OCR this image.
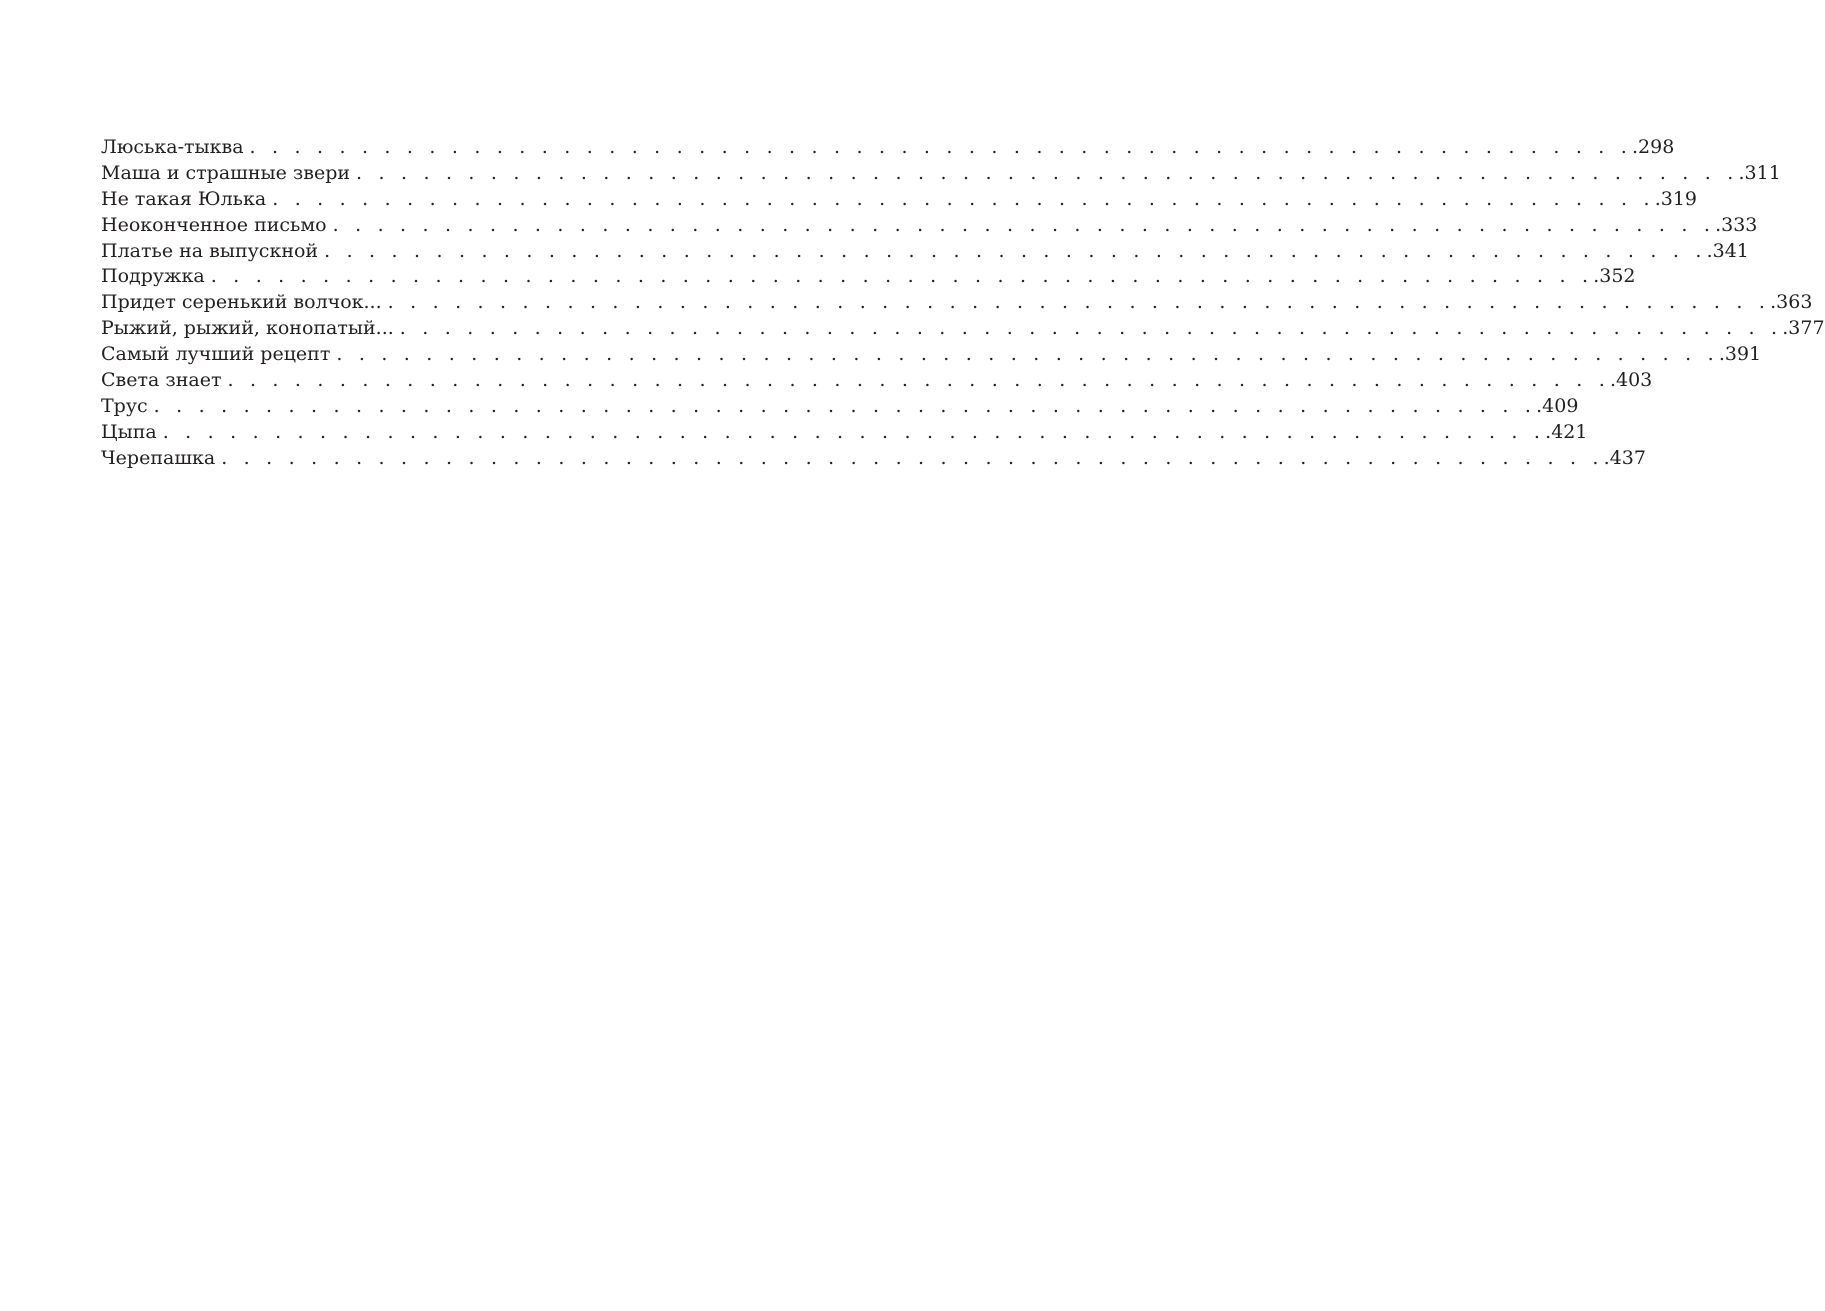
Люська-тыква . . . . . . . . . . . . . . . . . . . . . . . . . . . . . . . . . . . . . . . . . . . . . . . . . . . . . . . . . . . . . . .298
Маша и страшные звери . . . . . . . . . . . . . . . . . . . . . . . . . . . . . . . . . . . . . . . . . . . . . . . . . . . . . . . . . . . . . . .311
Не такая Юлька . . . . . . . . . . . . . . . . . . . . . . . . . . . . . . . . . . . . . . . . . . . . . . . . . . . . . . . . . . . . . . .319
Неоконченное письмо . . . . . . . . . . . . . . . . . . . . . . . . . . . . . . . . . . . . . . . . . . . . . . . . . . . . . . . . . . . . . . .333
Платье на выпускной . . . . . . . . . . . . . . . . . . . . . . . . . . . . . . . . . . . . . . . . . . . . . . . . . . . . . . . . . . . . . . .341
Подружка . . . . . . . . . . . . . . . . . . . . . . . . . . . . . . . . . . . . . . . . . . . . . . . . . . . . . . . . . . . . . . .352
Придет серенький волчок... . . . . . . . . . . . . . . . . . . . . . . . . . . . . . . . . . . . . . . . . . . . . . . . . . . . . . . . . . . . . . . .363
Рыжий, рыжий, конопатый... . . . . . . . . . . . . . . . . . . . . . . . . . . . . . . . . . . . . . . . . . . . . . . . . . . . . . . . . . . . . . . .377
Самый лучший рецепт . . . . . . . . . . . . . . . . . . . . . . . . . . . . . . . . . . . . . . . . . . . . . . . . . . . . . . . . . . . . . . .391
Света знает . . . . . . . . . . . . . . . . . . . . . . . . . . . . . . . . . . . . . . . . . . . . . . . . . . . . . . . . . . . . . . .403
Трус . . . . . . . . . . . . . . . . . . . . . . . . . . . . . . . . . . . . . . . . . . . . . . . . . . . . . . . . . . . . . . .409
Цыпа . . . . . . . . . . . . . . . . . . . . . . . . . . . . . . . . . . . . . . . . . . . . . . . . . . . . . . . . . . . . . . .421
Черепашка . . . . . . . . . . . . . . . . . . . . . . . . . . . . . . . . . . . . . . . . . . . . . . . . . . . . . . . . . . . . . . .437
